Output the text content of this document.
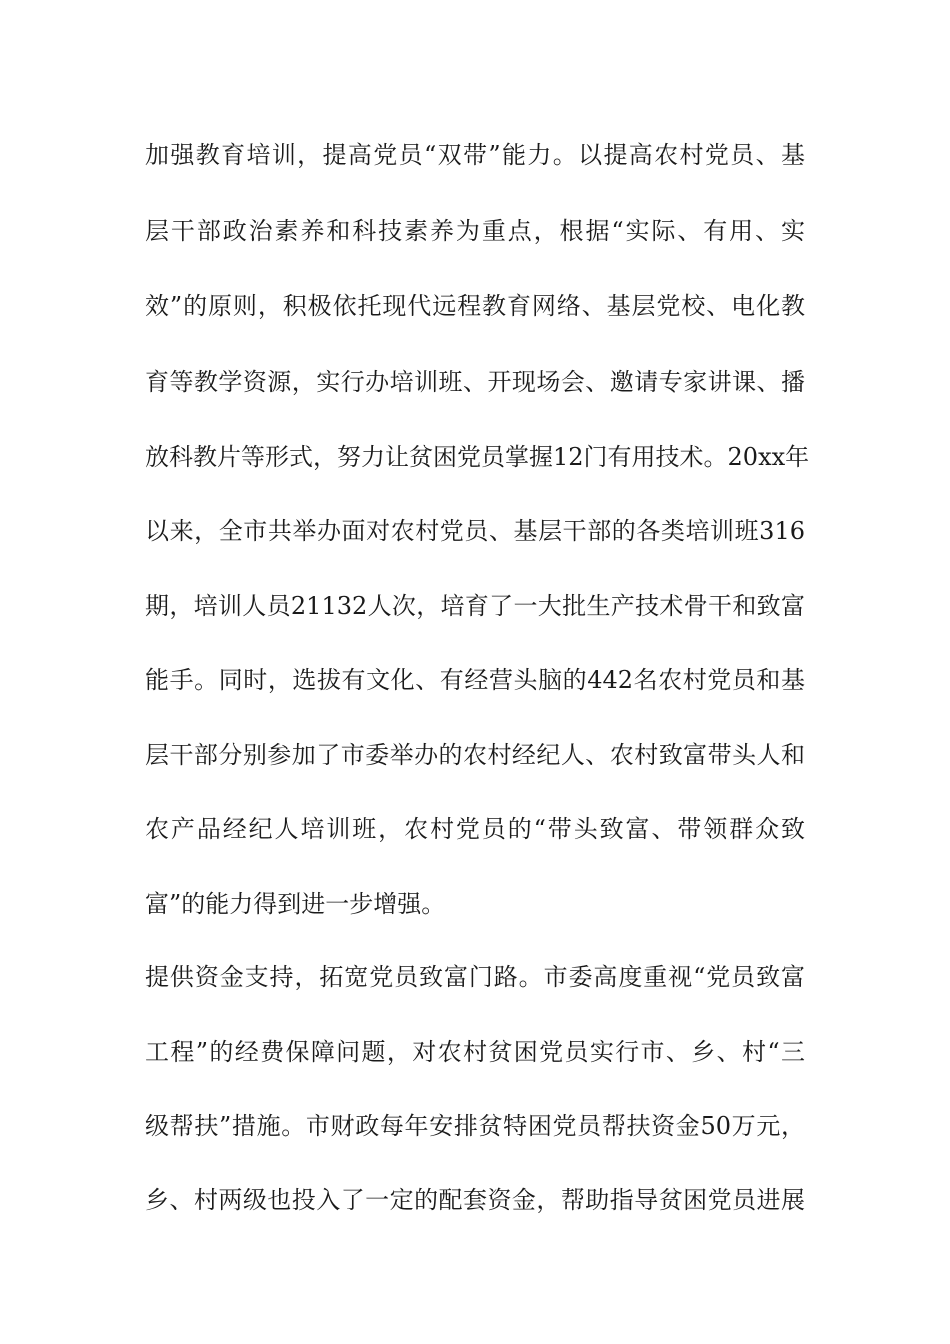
加强教育培训，提高党员“双带”能力。以提高农村党员、基
层干部政治素养和科技素养为重点，根据“实际、有用、实
效”的原则，积极依托现代远程教育网络、基层党校、电化教
育等教学资源，实行办培训班、开现场会、邀请专家讲课、播
放科教片等形式，努力让贫困党员掌握12门有用技术。20xx年
以来，全市共举办面对农村党员、基层干部的各类培训班316
期，培训人员21132人次，培育了一大批生产技术骨干和致富
能手。同时，选拔有文化、有经营头脑的442名农村党员和基
层干部分别参加了市委举办的农村经纪人、农村致富带头人和
农产品经纪人培训班，农村党员的“带头致富、带领群众致
富”的能力得到进一步增强。
提供资金支持，拓宽党员致富门路。市委高度重视“党员致富
工程”的经费保障问题，对农村贫困党员实行市、乡、村“三
级帮扶”措施。市财政每年安排贫特困党员帮扶资金50万元，
乡、村两级也投入了一定的配套资金，帮助指导贫困党员进展
